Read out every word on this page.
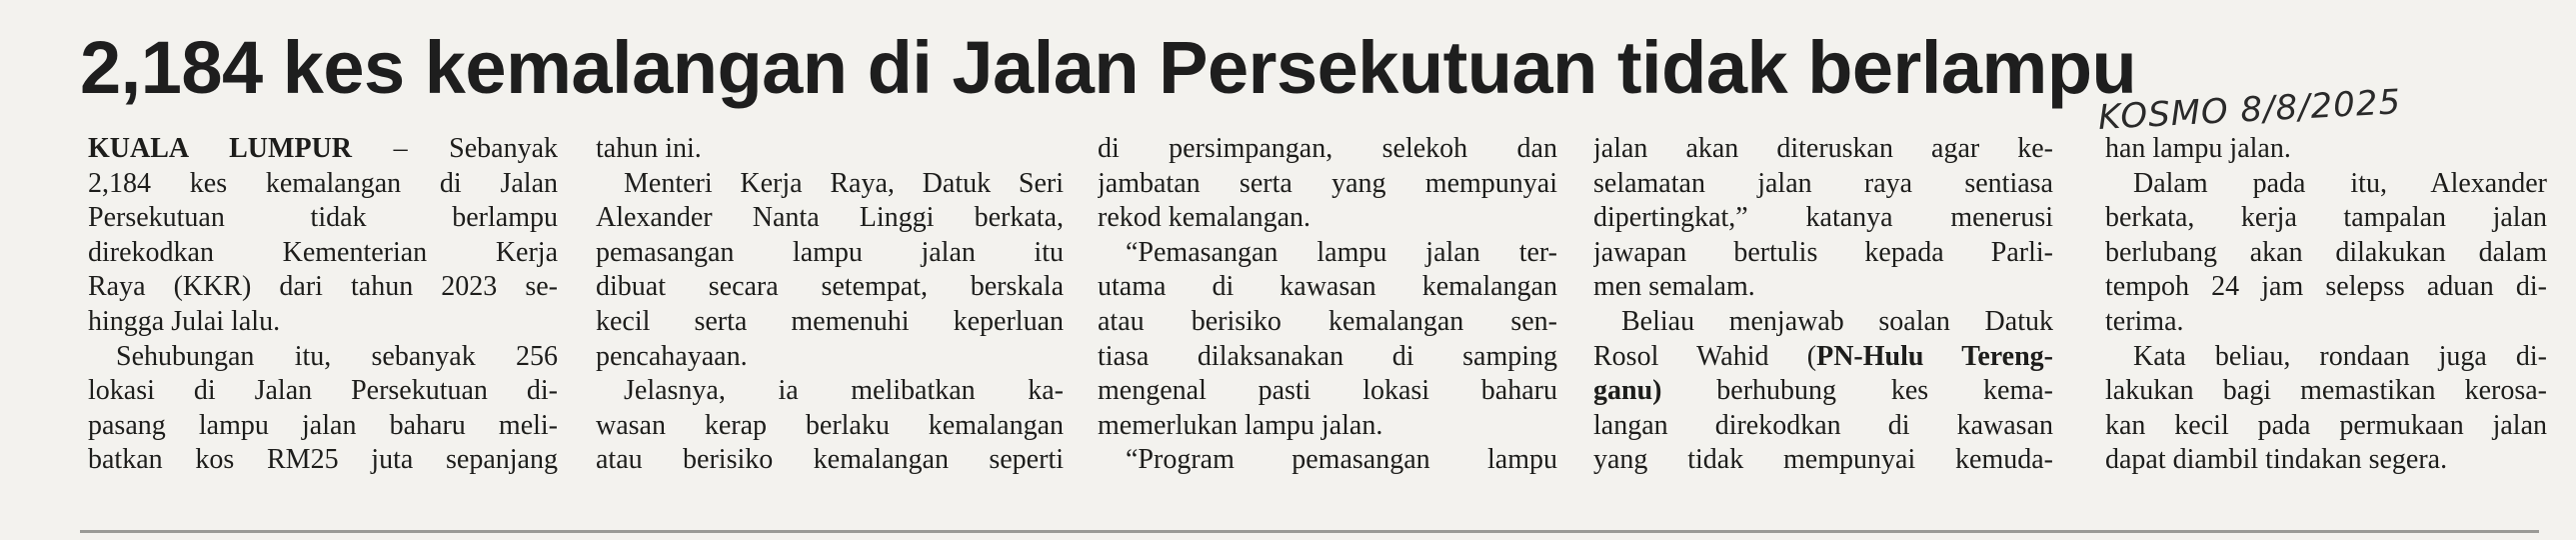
2,184 kes kemalangan di Jalan Persekutuan tidak berlampu
KOSMO 8/8/2025
KUALA LUMPUR – Sebanyak
2,184 kes kemalangan di Jalan
Persekutuan tidak berlampu
direkodkan Kementerian Kerja
Raya (KKR) dari tahun 2023 se-
hingga Julai lalu.
Sehubungan itu, sebanyak 256
lokasi di Jalan Persekutuan di-
pasang lampu jalan baharu meli-
batkan kos RM25 juta sepanjang
tahun ini.
Menteri Kerja Raya, Datuk Seri
Alexander Nanta Linggi berkata,
pemasangan lampu jalan itu
dibuat secara setempat, berskala
kecil serta memenuhi keperluan
pencahayaan.
Jelasnya, ia melibatkan ka-
wasan kerap berlaku kemalangan
atau berisiko kemalangan seperti
di persimpangan, selekoh dan
jambatan serta yang mempunyai
rekod kemalangan.
“Pemasangan lampu jalan ter-
utama di kawasan kemalangan
atau berisiko kemalangan sen-
tiasa dilaksanakan di samping
mengenal pasti lokasi baharu
memerlukan lampu jalan.
“Program pemasangan lampu
jalan akan diteruskan agar ke-
selamatan jalan raya sentiasa
dipertingkat,” katanya menerusi
jawapan bertulis kepada Parli-
men semalam.
Beliau menjawab soalan Datuk
Rosol Wahid (PN-Hulu Tereng-
ganu) berhubung kes kema-
langan direkodkan di kawasan
yang tidak mempunyai kemuda-
han lampu jalan.
Dalam pada itu, Alexander
berkata, kerja tampalan jalan
berlubang akan dilakukan dalam
tempoh 24 jam selepss aduan di-
terima.
Kata beliau, rondaan juga di-
lakukan bagi memastikan kerosa-
kan kecil pada permukaan jalan
dapat diambil tindakan segera.
